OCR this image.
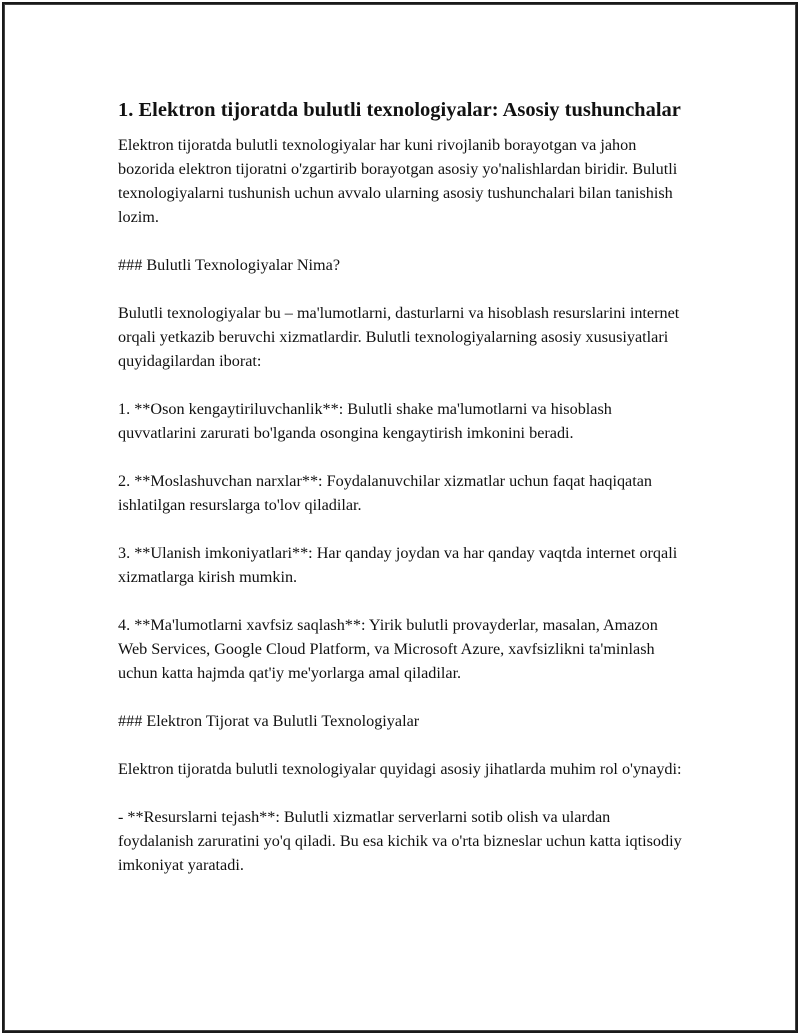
1. Elektron tijoratda bulutli texnologiyalar: Asosiy tushunchalar

Elektron tijoratda bulutli texnologiyalar har kuni rivojlanib borayotgan va jahon bozorida elektron tijoratni o'zgartirib borayotgan asosiy yo'nalishlardan biridir. Bulutli texnologiyalarni tushunish uchun avvalo ularning asosiy tushunchalari bilan tanishish lozim.

### Bulutli Texnologiyalar Nima?

Bulutli texnologiyalar bu – ma'lumotlarni, dasturlarni va hisoblash resurslarini internet orqali yetkazib beruvchi xizmatlardir. Bulutli texnologiyalarning asosiy xususiyatlari quyidagilardan iborat:

1. **Oson kengaytiriluvchanlik**: Bulutli shake ma'lumotlarni va hisoblash quvvatlarini zarurati bo'lganda osongina kengaytirish imkonini beradi.

2. **Moslashuvchan narxlar**: Foydalanuvchilar xizmatlar uchun faqat haqiqatan ishlatilgan resurslarga to'lov qiladilar.

3. **Ulanish imkoniyatlari**: Har qanday joydan va har qanday vaqtda internet orqali xizmatlarga kirish mumkin.

4. **Ma'lumotlarni xavfsiz saqlash**: Yirik bulutli provayderlar, masalan, Amazon Web Services, Google Cloud Platform, va Microsoft Azure, xavfsizlikni ta'minlash uchun katta hajmda qat'iy me'yorlarga amal qiladilar.

### Elektron Tijorat va Bulutli Texnologiyalar

Elektron tijoratda bulutli texnologiyalar quyidagi asosiy jihatlarda muhim rol o'ynaydi:

- **Resurslarni tejash**: Bulutli xizmatlar serverlarni sotib olish va ulardan foydalanish zaruratini yo'q qiladi. Bu esa kichik va o'rta bizneslar uchun katta iqtisodiy imkoniyat yaratadi.
